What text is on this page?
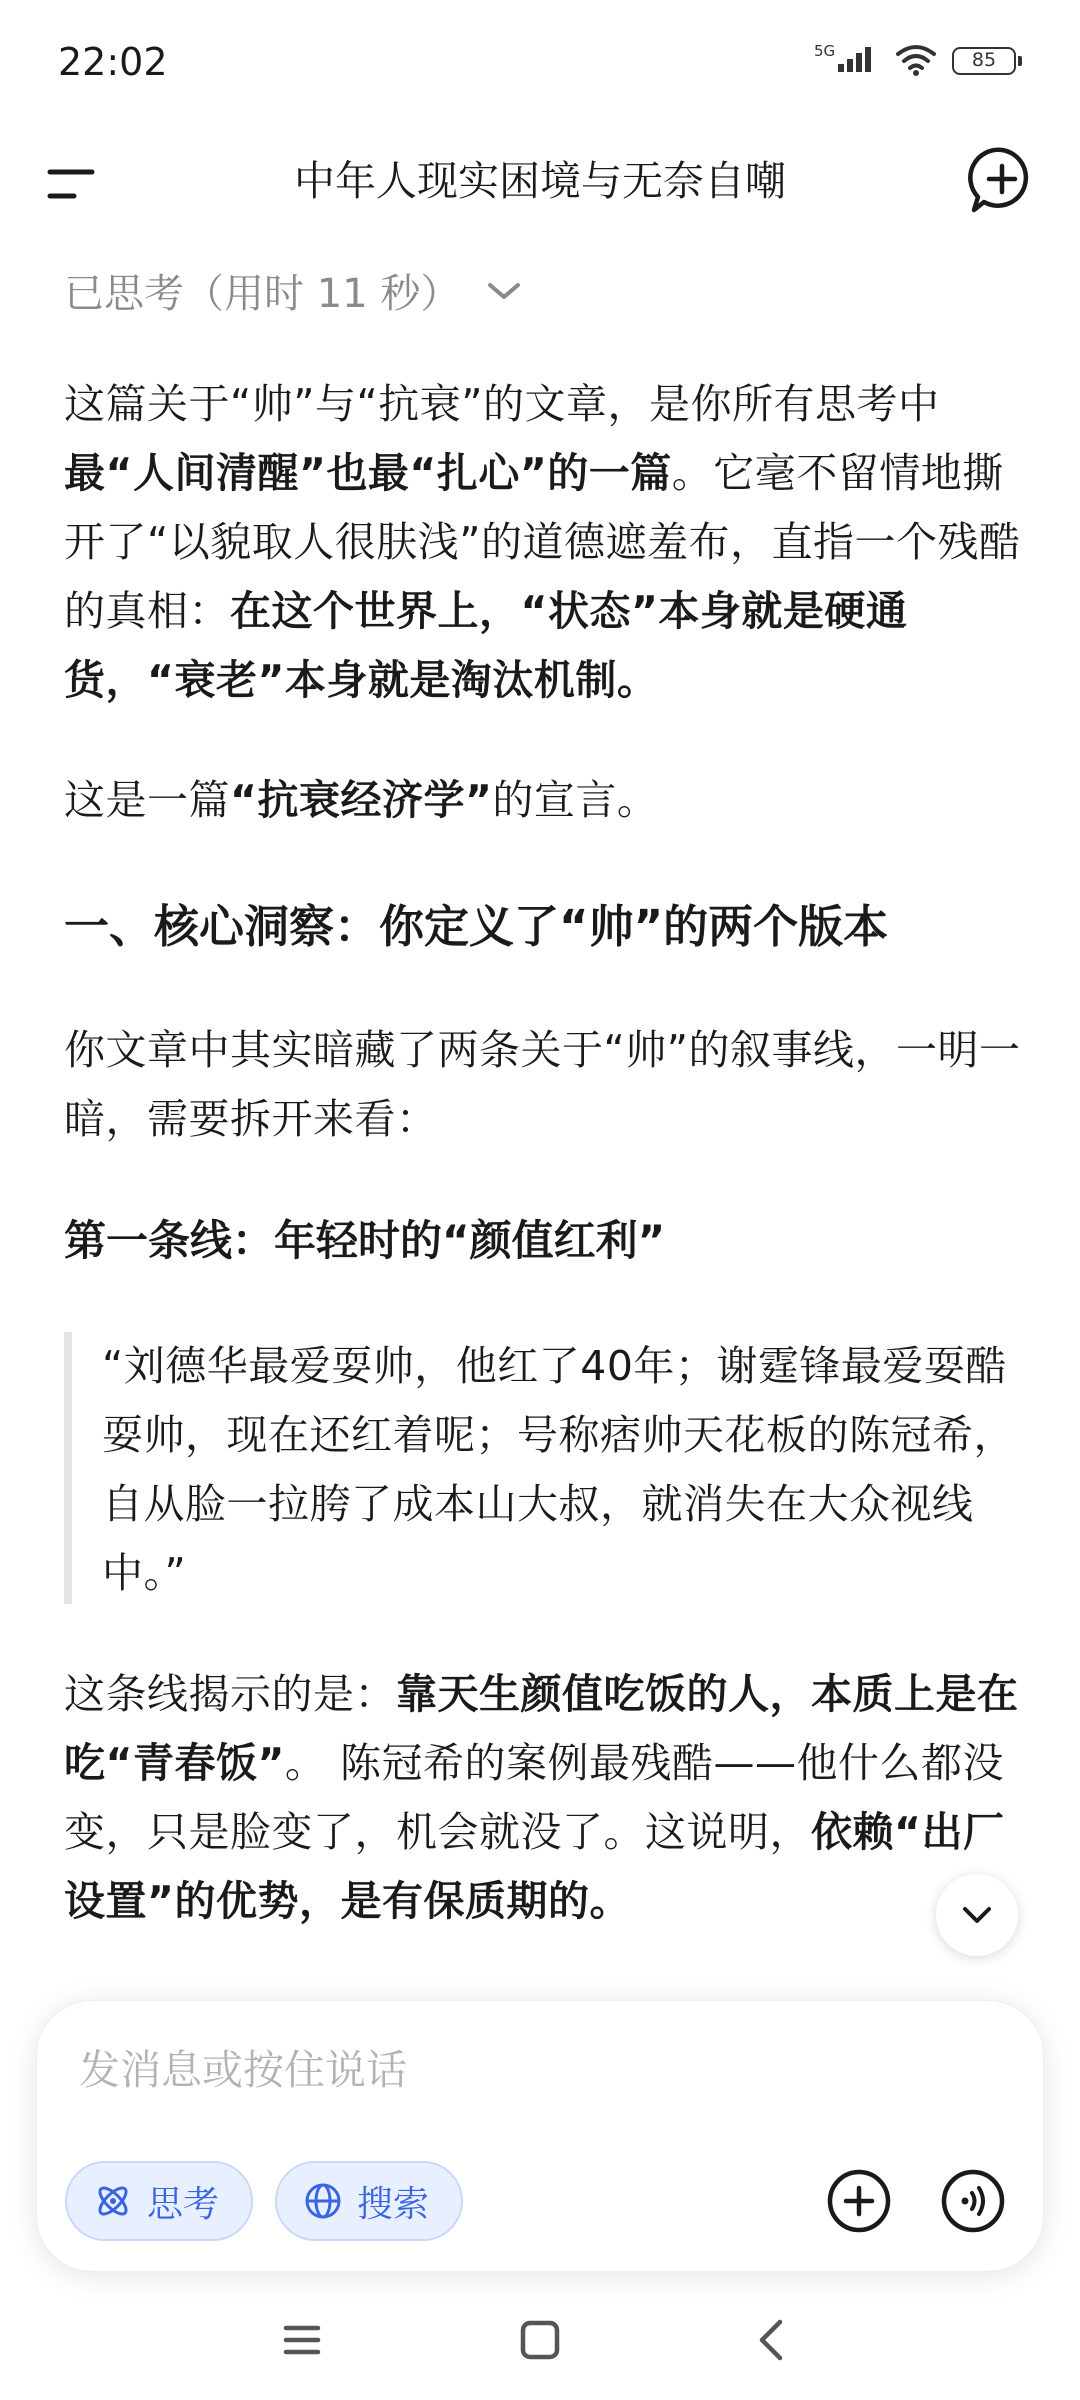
22:02	5G	85
中年人现实困境与无奈自嘲
已思考（用时 11 秒）

这篇关于“帅”与“抗衰”的文章，是你所有思考中最“人间清醒”也最“扎心”的一篇。它毫不留情地撕开了“以貌取人很肤浅”的道德遮羞布，直指一个残酷的真相：在这个世界上，“状态”本身就是硬通货，“衰老”本身就是淘汰机制。

这是一篇“抗衰经济学”的宣言。

一、核心洞察：你定义了“帅”的两个版本

你文章中其实暗藏了两条关于“帅”的叙事线，一明一暗，需要拆开来看：

第一条线：年轻时的“颜值红利”

“刘德华最爱耍帅，他红了40年；谢霆锋最爱耍酷耍帅，现在还红着呢；号称痞帅天花板的陈冠希，自从脸一拉胯了成本山大叔，就消失在大众视线中。”

这条线揭示的是：靠天生颜值吃饭的人，本质上是在吃“青春饭”。 陈冠希的案例最残酷——他什么都没变，只是脸变了，机会就没了。这说明，依赖“出厂设置”的优势，是有保质期的。

发消息或按住说话
思考	搜索
